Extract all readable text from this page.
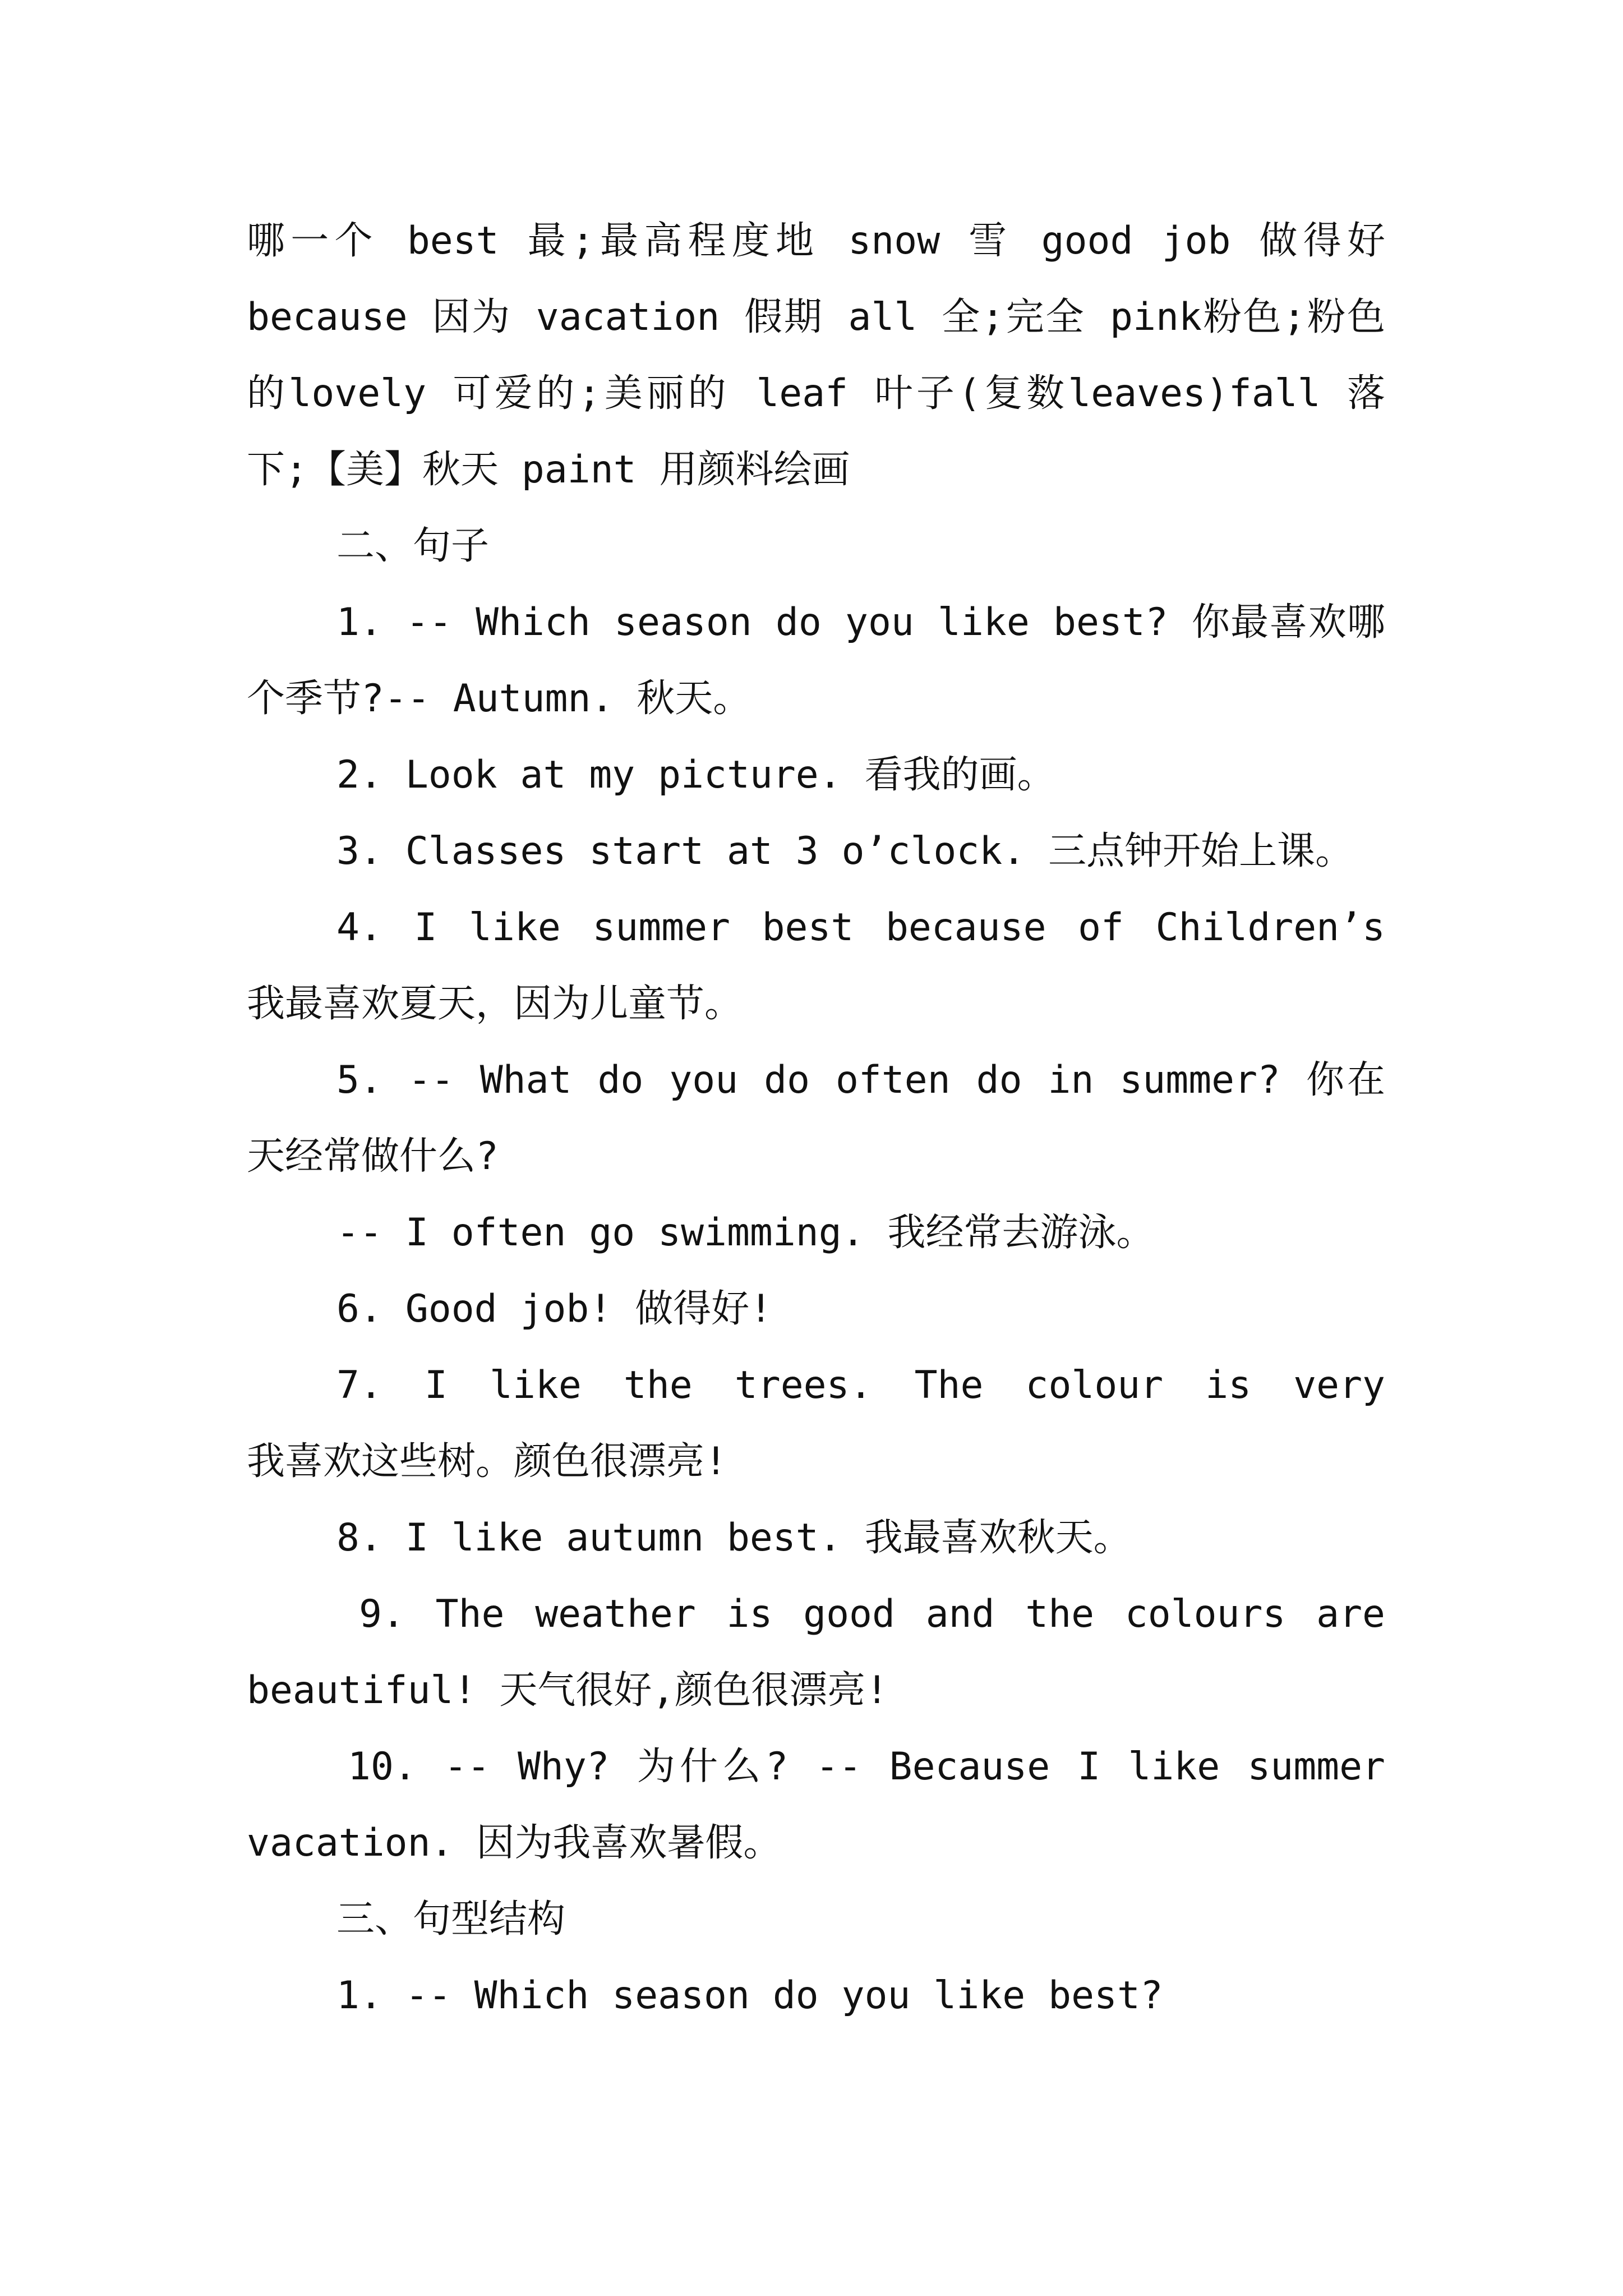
哪一个 best 最;最高程度地 snow 雪 good job 做得好
because 因为 vacation 假期 all 全;完全 pink粉色;粉色
的lovely 可爱的;美丽的 leaf 叶子(复数leaves)fall 落
下;【美】秋天 paint 用颜料绘画
二、句子
1. -- Which season do you like best? 你最喜欢哪
个季节?-- Autumn. 秋天。
2. Look at my picture. 看我的画。
3. Classes start at 3 o’clock. 三点钟开始上课。
4. I like summer best because of Children’s
我最喜欢夏天，因为儿童节。
5. -- What do you do often do in summer? 你在
天经常做什么?
-- I often go swimming. 我经常去游泳。
6. Good job! 做得好!
7. I like the trees. The colour is very
我喜欢这些树。颜色很漂亮!
8. I like autumn best. 我最喜欢秋天。
9. The weather is good and the colours are
beautiful! 天气很好,颜色很漂亮!
10. -- Why? 为什么? -- Because I like summer
vacation. 因为我喜欢暑假。
三、句型结构
1. -- Which season do you like best?
